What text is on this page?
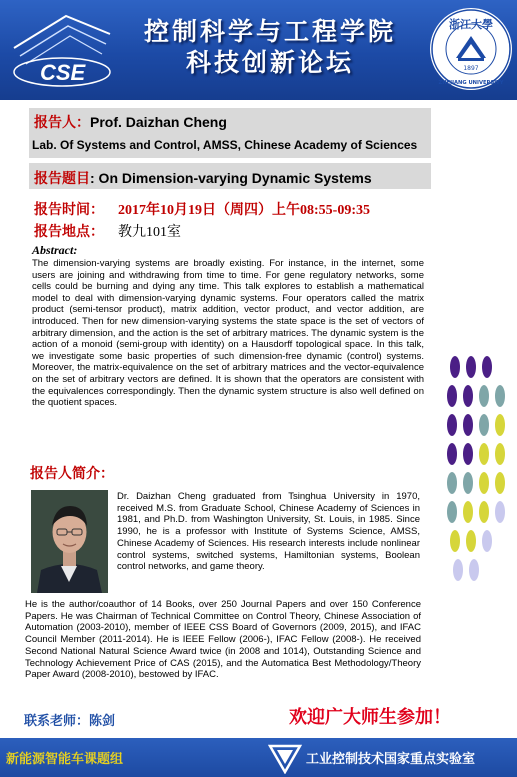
CSE
控制科学与工程学院
科技创新论坛
浙江大學
1897
ZHEJIANG UNIVERSITY
报告人：Prof. Daizhan Cheng
Lab. Of Systems and Control, AMSS, Chinese Academy of Sciences
报告题目: On Dimension-varying Dynamic Systems
报告时间： 2017年10月19日（周四）上午08:55-09:35
报告地点： 教九101室
Abstract:
The dimension-varying systems are broadly existing. For instance, in the internet, some users are joining and withdrawing from time to time. For gene regulatory networks, some cells could be burning and dying any time. This talk explores to establish a mathematical model to deal with dimension-varying dynamic systems. Four operators called the matrix product (semi-tensor product), matrix addition, vector product, and vector addition, are introduced. Then for new dimension-varying systems the state space is the set of vectors of arbitrary dimension, and the action is the set of arbitrary matrices. The dynamic system is the action of a monoid (semi-group with identity) on a Hausdorff topological space. In this talk, we investigate some basic properties of such dimension-free dynamic (control) systems. Moreover, the matrix-equivalence on the set of arbitrary matrices and the vector-equivalence on the set of arbitrary vectors are defined. It is shown that the operators are consistent with the equivalences correspondingly. Then the dynamic system structure is also well defined on the quotient spaces.
报告人简介：
Dr. Daizhan Cheng graduated from Tsinghua University in 1970, received M.S. from Graduate School, Chinese Academy of Sciences in 1981, and Ph.D. from Washington University, St. Louis, in 1985. Since 1990, he is a professor with Institute of Systems Science, AMSS, Chinese Academy of Sciences. His research interests include nonlinear control systems, switched systems, Hamiltonian systems, Boolean control networks, and game theory.
He is the author/coauthor of 14 Books, over 250 Journal Papers and over 150 Conference Papers. He was Chairman of Technical Committee on Control Theory, Chinese Association of Automation (2003-2010), member of IEEE CSS Board of Governors (2009, 2015), and IFAC Council Member (2011-2014). He is IEEE Fellow (2006-), IFAC Fellow (2008-). He received Second National Natural Science Award twice (in 2008 and 1014), Outstanding Science and Technology Achievement Price of CAS (2015), and the Automatica Best Methodology/Theory Paper Award (2008-2010), bestowed by IFAC.
联系老师：陈剑	欢迎广大师生参加！
新能源智能车课题组	工业控制技术国家重点实验室
